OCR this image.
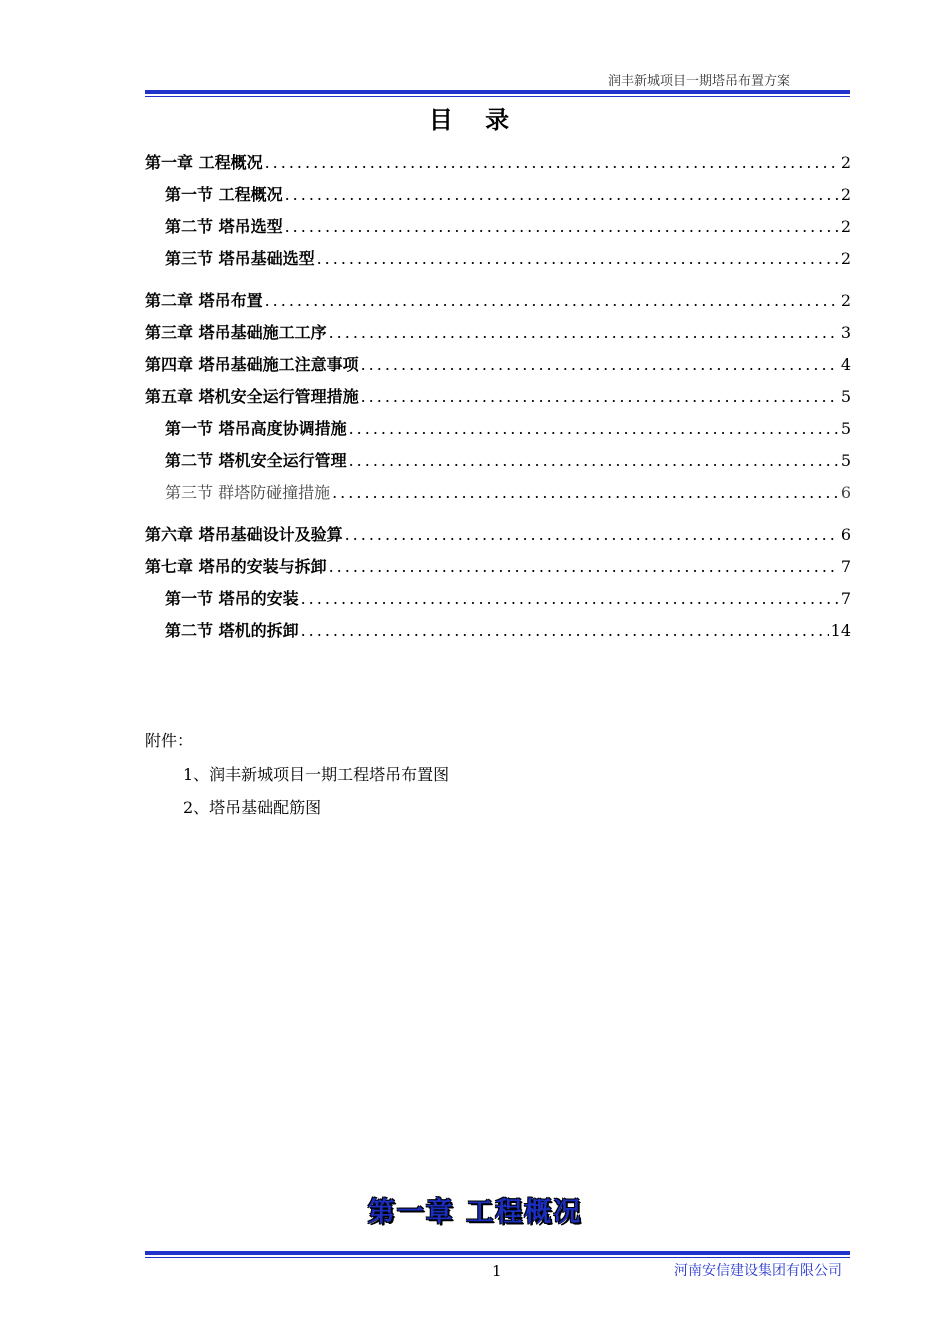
润丰新城项目一期塔吊布置方案
目 录
第一章 工程概况 .....	2
第一节 工程概况 .....	2
第二节 塔吊选型 .....	2
第三节 塔吊基础选型 .....	2
第二章 塔吊布置 .....	2
第三章 塔吊基础施工工序 .....	3
第四章 塔吊基础施工注意事项 .....	4
第五章 塔机安全运行管理措施 .....	5
第一节 塔吊高度协调措施 .....	5
第二节 塔机安全运行管理 .....	5
第三节 群塔防碰撞措施 .....	6
第六章 塔吊基础设计及验算 .....	6
第七章 塔吊的安装与拆卸 .....	7
第一节 塔吊的安装 .....	7
第二节 塔机的拆卸 .....	14
附件：
1、润丰新城项目一期工程塔吊布置图
2、塔吊基础配筋图
第一章 工程概况
1	河南安信建设集团有限公司
